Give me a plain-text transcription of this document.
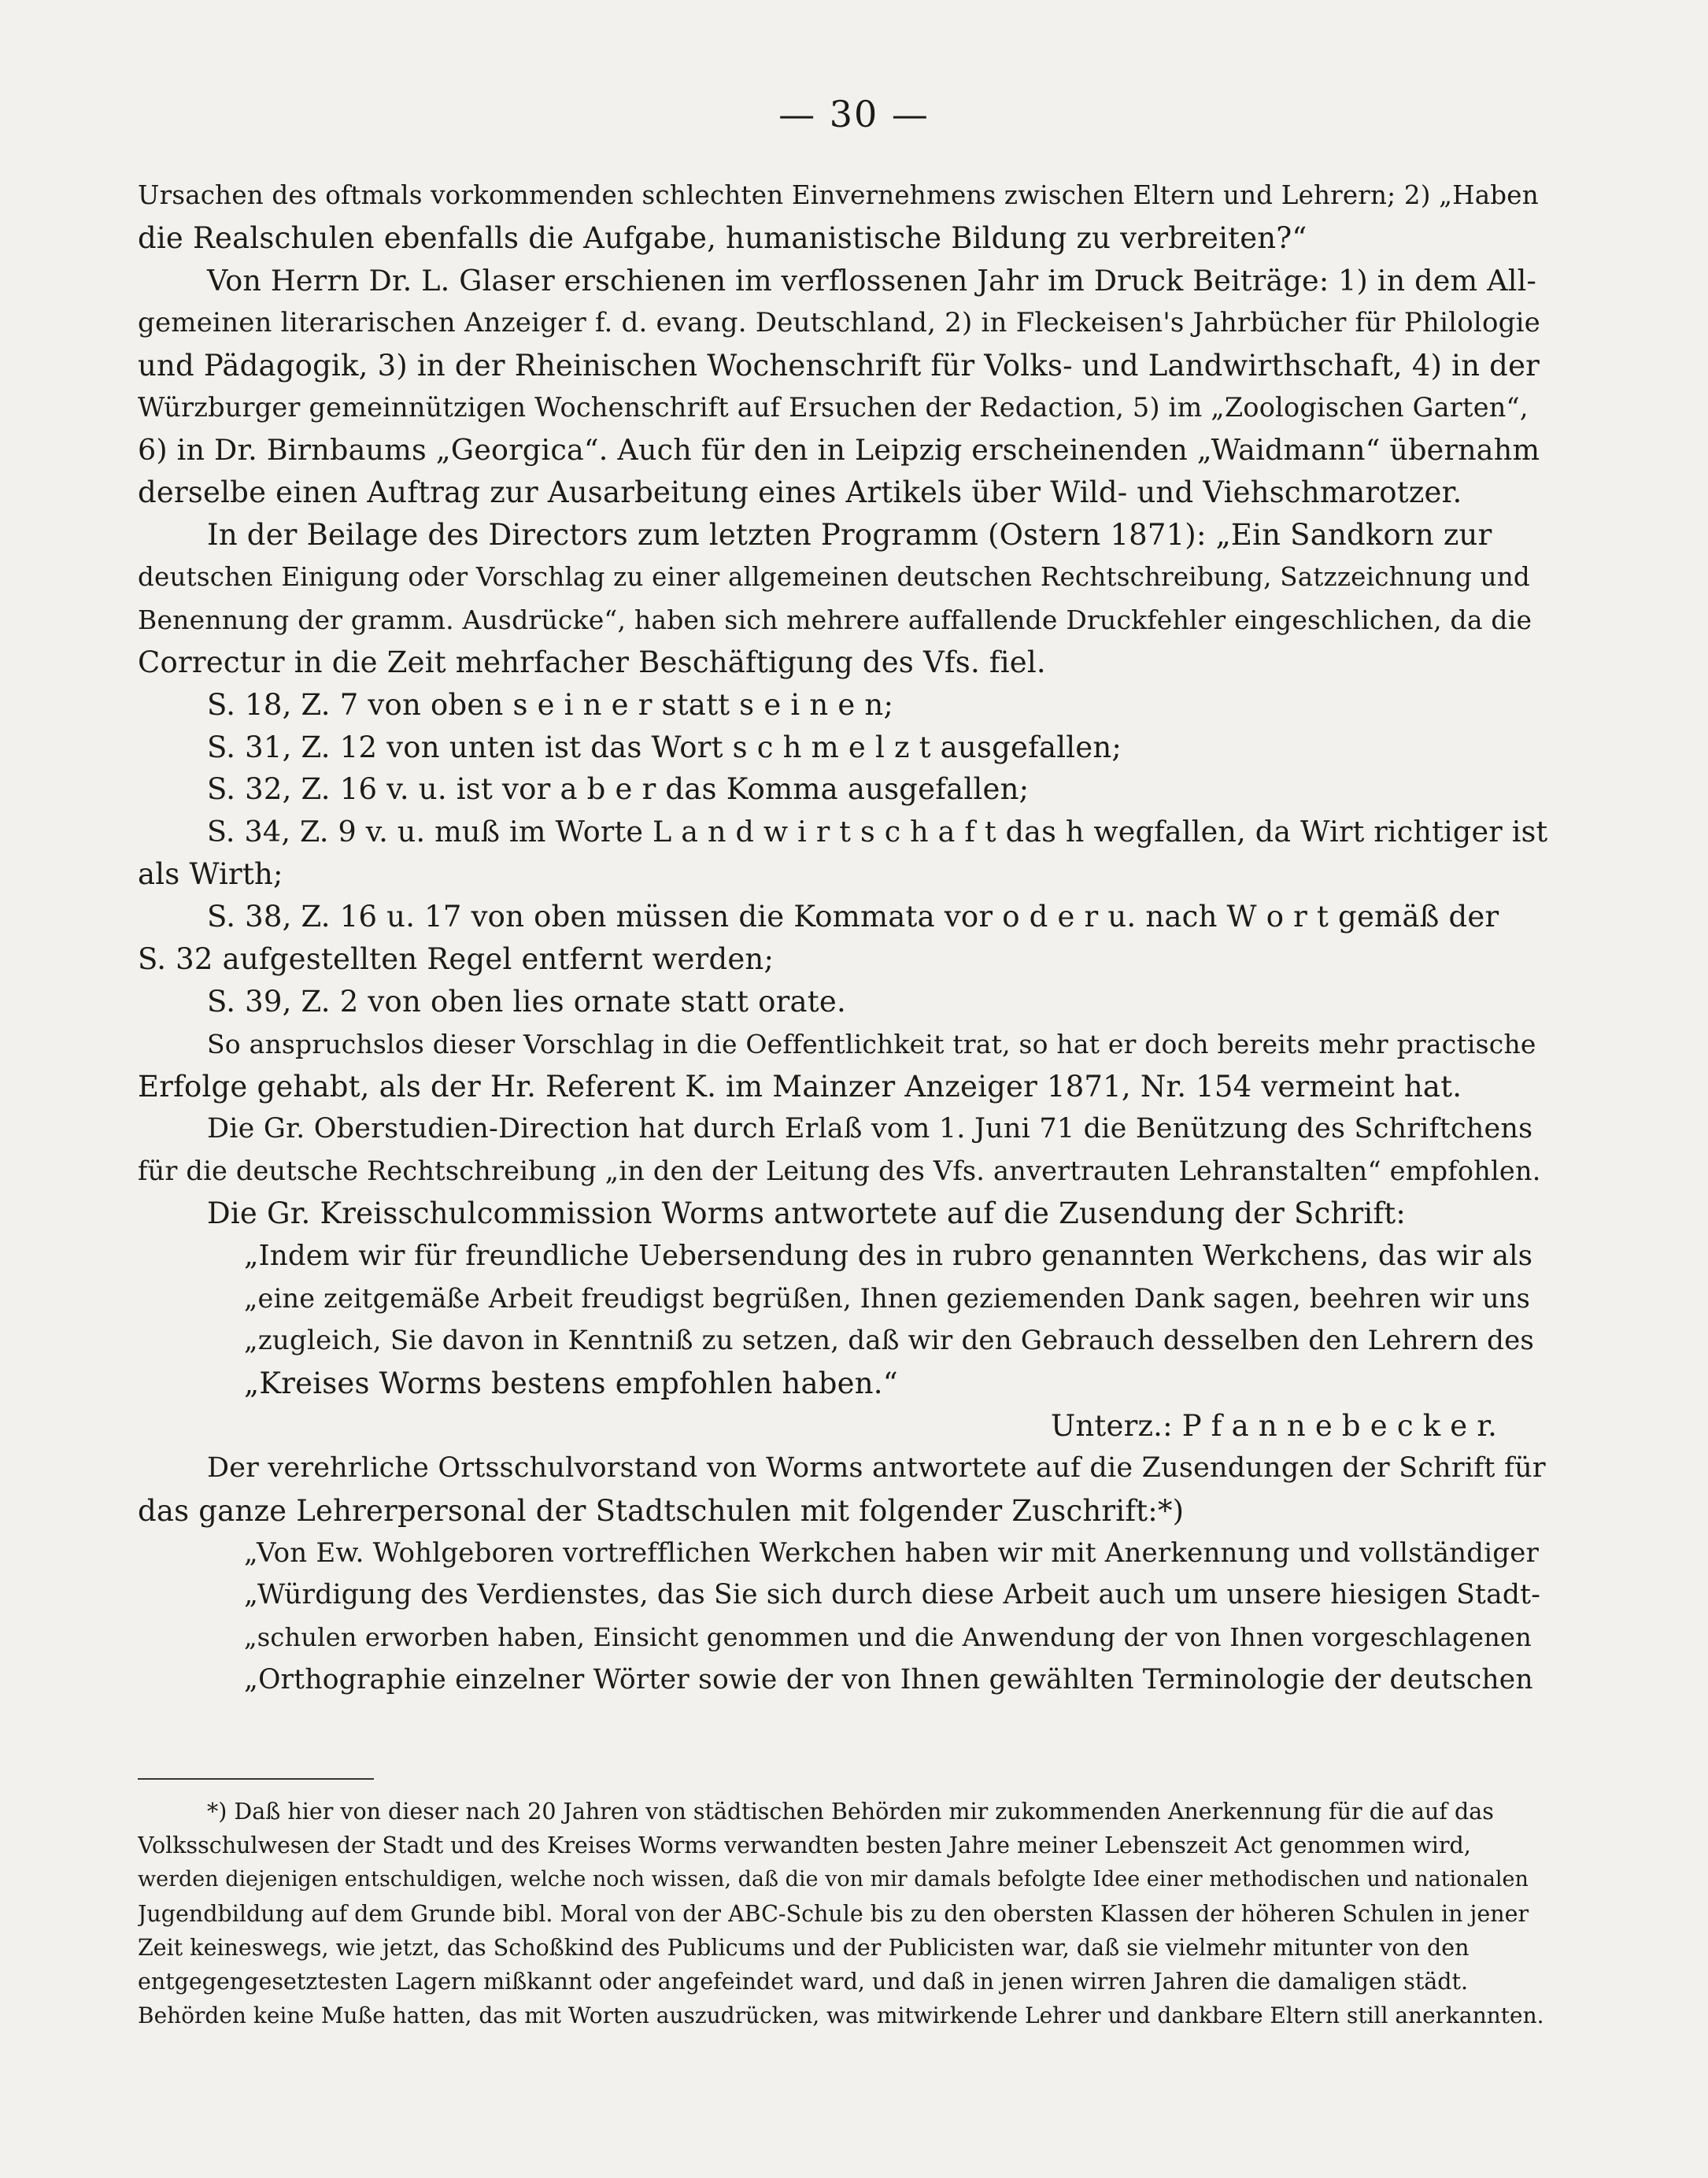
— 30 —
Ursachen des oftmals vorkommenden schlechten Einvernehmens zwischen Eltern und Lehrern; 2) „Haben
die Realschulen ebenfalls die Aufgabe, humanistische Bildung zu verbreiten?“
Von Herrn Dr. L. Glaser erschienen im verflossenen Jahr im Druck Beiträge: 1) in dem All-
gemeinen literarischen Anzeiger f. d. evang. Deutschland, 2) in Fleckeisen's Jahrbücher für Philologie
und Pädagogik, 3) in der Rheinischen Wochenschrift für Volks- und Landwirthschaft, 4) in der
Würzburger gemeinnützigen Wochenschrift auf Ersuchen der Redaction, 5) im „Zoologischen Garten“,
6) in Dr. Birnbaums „Georgica“. Auch für den in Leipzig erscheinenden „Waidmann“ übernahm
derselbe einen Auftrag zur Ausarbeitung eines Artikels über Wild- und Viehschmarotzer.
In der Beilage des Directors zum letzten Programm (Ostern 1871): „Ein Sandkorn zur
deutschen Einigung oder Vorschlag zu einer allgemeinen deutschen Rechtschreibung, Satzzeichnung und
Benennung der gramm. Ausdrücke“, haben sich mehrere auffallende Druckfehler eingeschlichen, da die
Correctur in die Zeit mehrfacher Beschäftigung des Vfs. fiel.
S. 18, Z. 7 von oben s e i n e r statt s e i n e n;
S. 31, Z. 12 von unten ist das Wort s c h m e l z t ausgefallen;
S. 32, Z. 16 v. u. ist vor a b e r das Komma ausgefallen;
S. 34, Z. 9 v. u. muß im Worte L a n d w i r t s c h a f t das h wegfallen, da Wirt richtiger ist
als Wirth;
S. 38, Z. 16 u. 17 von oben müssen die Kommata vor o d e r u. nach W o r t gemäß der
S. 32 aufgestellten Regel entfernt werden;
S. 39, Z. 2 von oben lies ornate statt orate.
So anspruchslos dieser Vorschlag in die Oeffentlichkeit trat, so hat er doch bereits mehr practische
Erfolge gehabt, als der Hr. Referent K. im Mainzer Anzeiger 1871, Nr. 154 vermeint hat.
Die Gr. Oberstudien-Direction hat durch Erlaß vom 1. Juni 71 die Benützung des Schriftchens
für die deutsche Rechtschreibung „in den der Leitung des Vfs. anvertrauten Lehranstalten“ empfohlen.
Die Gr. Kreisschulcommission Worms antwortete auf die Zusendung der Schrift:
„Indem wir für freundliche Uebersendung des in rubro genannten Werkchens, das wir als
„eine zeitgemäße Arbeit freudigst begrüßen, Ihnen geziemenden Dank sagen, beehren wir uns
„zugleich, Sie davon in Kenntniß zu setzen, daß wir den Gebrauch desselben den Lehrern des
„Kreises Worms bestens empfohlen haben.“
Unterz.: P f a n n e b e c k e r.
Der verehrliche Ortsschulvorstand von Worms antwortete auf die Zusendungen der Schrift für
das ganze Lehrerpersonal der Stadtschulen mit folgender Zuschrift:*)
„Von Ew. Wohlgeboren vortrefflichen Werkchen haben wir mit Anerkennung und vollständiger
„Würdigung des Verdienstes, das Sie sich durch diese Arbeit auch um unsere hiesigen Stadt-
„schulen erworben haben, Einsicht genommen und die Anwendung der von Ihnen vorgeschlagenen
„Orthographie einzelner Wörter sowie der von Ihnen gewählten Terminologie der deutschen
*) Daß hier von dieser nach 20 Jahren von städtischen Behörden mir zukommenden Anerkennung für die auf das
Volksschulwesen der Stadt und des Kreises Worms verwandten besten Jahre meiner Lebenszeit Act genommen wird,
werden diejenigen entschuldigen, welche noch wissen, daß die von mir damals befolgte Idee einer methodischen und nationalen
Jugendbildung auf dem Grunde bibl. Moral von der ABC-Schule bis zu den obersten Klassen der höheren Schulen in jener
Zeit keineswegs, wie jetzt, das Schoßkind des Publicums und der Publicisten war, daß sie vielmehr mitunter von den
entgegengesetztesten Lagern mißkannt oder angefeindet ward, und daß in jenen wirren Jahren die damaligen städt.
Behörden keine Muße hatten, das mit Worten auszudrücken, was mitwirkende Lehrer und dankbare Eltern still anerkannten.
